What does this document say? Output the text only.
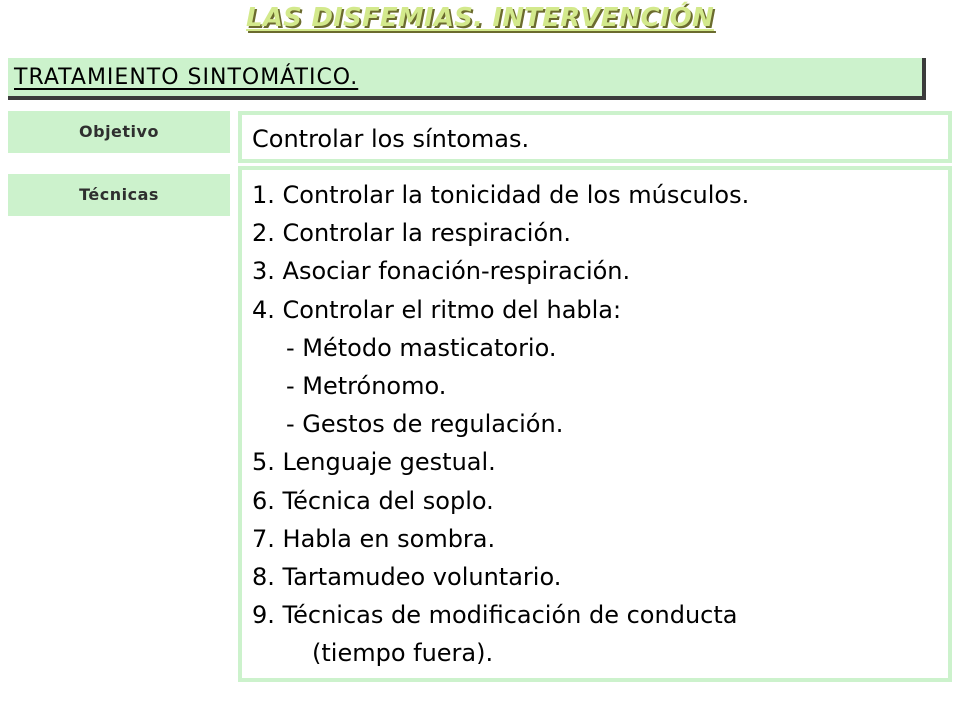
LAS DISFEMIAS. INTERVENCIÓN
TRATAMIENTO SINTOMÁTICO.
Objetivo	Controlar los síntomas.
Técnicas	1. Controlar la tonicidad de los músculos.
2. Controlar la respiración.
3. Asociar fonación-respiración.
4. Controlar el ritmo del habla:
- Método masticatorio.
- Metrónomo.
- Gestos de regulación.
5. Lenguaje gestual.
6. Técnica del soplo.
7. Habla en sombra.
8. Tartamudeo voluntario.
9. Técnicas de modificación de conducta
(tiempo fuera).
